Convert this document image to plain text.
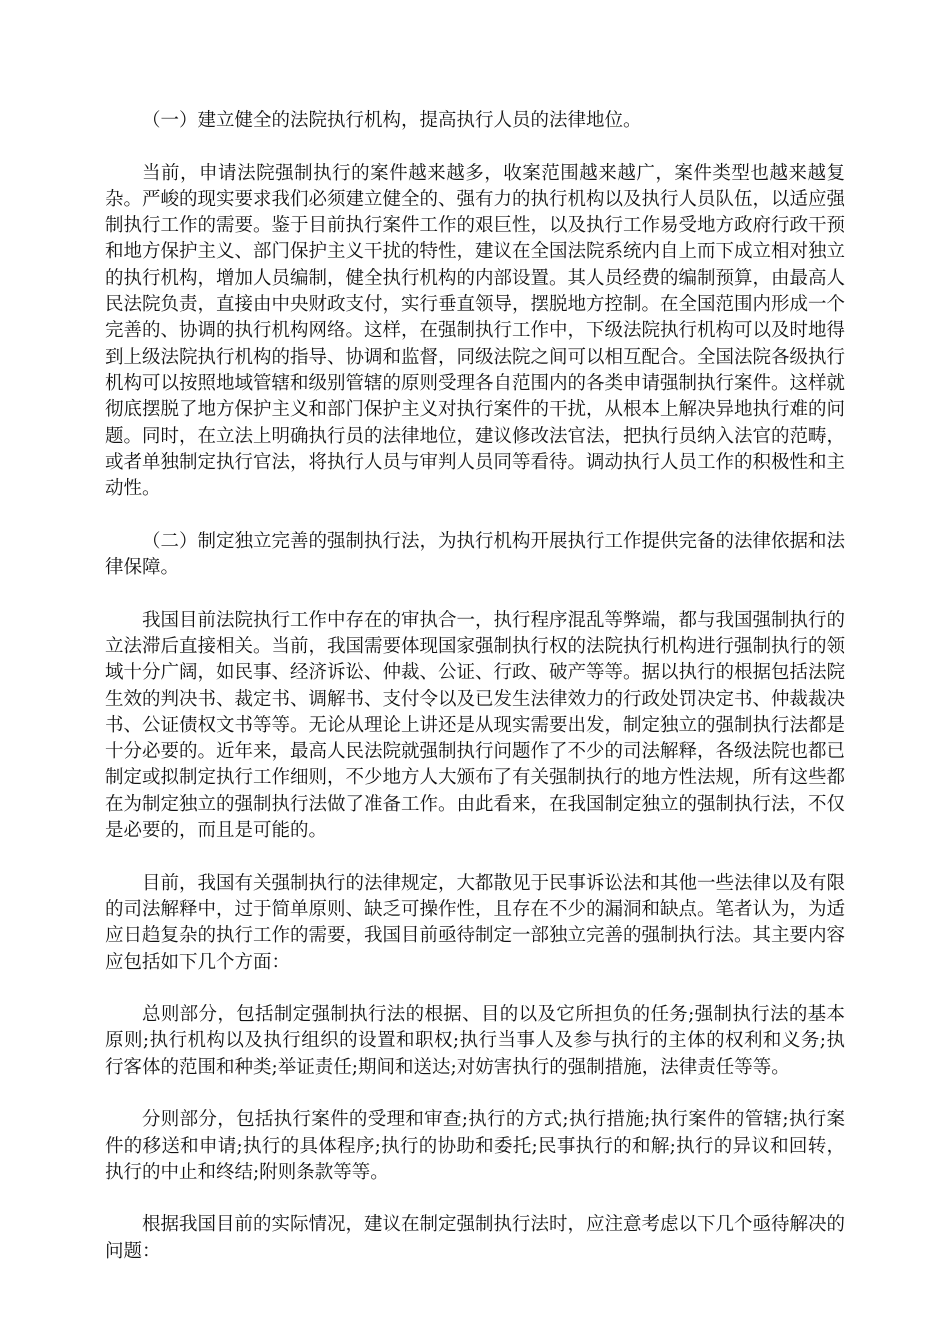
（一）建立健全的法院执行机构，提高执行人员的法律地位。

当前，申请法院强制执行的案件越来越多，收案范围越来越广，案件类型也越来越复杂。严峻的现实要求我们必须建立健全的、强有力的执行机构以及执行人员队伍，以适应强制执行工作的需要。鉴于目前执行案件工作的艰巨性，以及执行工作易受地方政府行政干预和地方保护主义、部门保护主义干扰的特性，建议在全国法院系统内自上而下成立相对独立的执行机构，增加人员编制，健全执行机构的内部设置。其人员经费的编制预算，由最高人民法院负责，直接由中央财政支付，实行垂直领导，摆脱地方控制。在全国范围内形成一个完善的、协调的执行机构网络。这样，在强制执行工作中，下级法院执行机构可以及时地得到上级法院执行机构的指导、协调和监督，同级法院之间可以相互配合。全国法院各级执行机构可以按照地域管辖和级别管辖的原则受理各自范围内的各类申请强制执行案件。这样就彻底摆脱了地方保护主义和部门保护主义对执行案件的干扰，从根本上解决异地执行难的问题。同时，在立法上明确执行员的法律地位，建议修改法官法，把执行员纳入法官的范畴，或者单独制定执行官法，将执行人员与审判人员同等看待。调动执行人员工作的积极性和主动性。

（二）制定独立完善的强制执行法，为执行机构开展执行工作提供完备的法律依据和法律保障。

我国目前法院执行工作中存在的审执合一，执行程序混乱等弊端，都与我国强制执行的立法滞后直接相关。当前，我国需要体现国家强制执行权的法院执行机构进行强制执行的领域十分广阔，如民事、经济诉讼、仲裁、公证、行政、破产等等。据以执行的根据包括法院生效的判决书、裁定书、调解书、支付令以及已发生法律效力的行政处罚决定书、仲裁裁决书、公证债权文书等等。无论从理论上讲还是从现实需要出发，制定独立的强制执行法都是十分必要的。近年来，最高人民法院就强制执行问题作了不少的司法解释，各级法院也都已制定或拟制定执行工作细则，不少地方人大颁布了有关强制执行的地方性法规，所有这些都在为制定独立的强制执行法做了准备工作。由此看来，在我国制定独立的强制执行法，不仅是必要的，而且是可能的。

目前，我国有关强制执行的法律规定，大都散见于民事诉讼法和其他一些法律以及有限的司法解释中，过于简单原则、缺乏可操作性，且存在不少的漏洞和缺点。笔者认为，为适应日趋复杂的执行工作的需要，我国目前亟待制定一部独立完善的强制执行法。其主要内容应包括如下几个方面：

总则部分，包括制定强制执行法的根据、目的以及它所担负的任务;强制执行法的基本原则;执行机构以及执行组织的设置和职权;执行当事人及参与执行的主体的权利和义务;执行客体的范围和种类;举证责任;期间和送达;对妨害执行的强制措施，法律责任等等。

分则部分，包括执行案件的受理和审查;执行的方式;执行措施;执行案件的管辖;执行案件的移送和申请;执行的具体程序;执行的协助和委托;民事执行的和解;执行的异议和回转，执行的中止和终结;附则条款等等。

根据我国目前的实际情况，建议在制定强制执行法时，应注意考虑以下几个亟待解决的问题：
